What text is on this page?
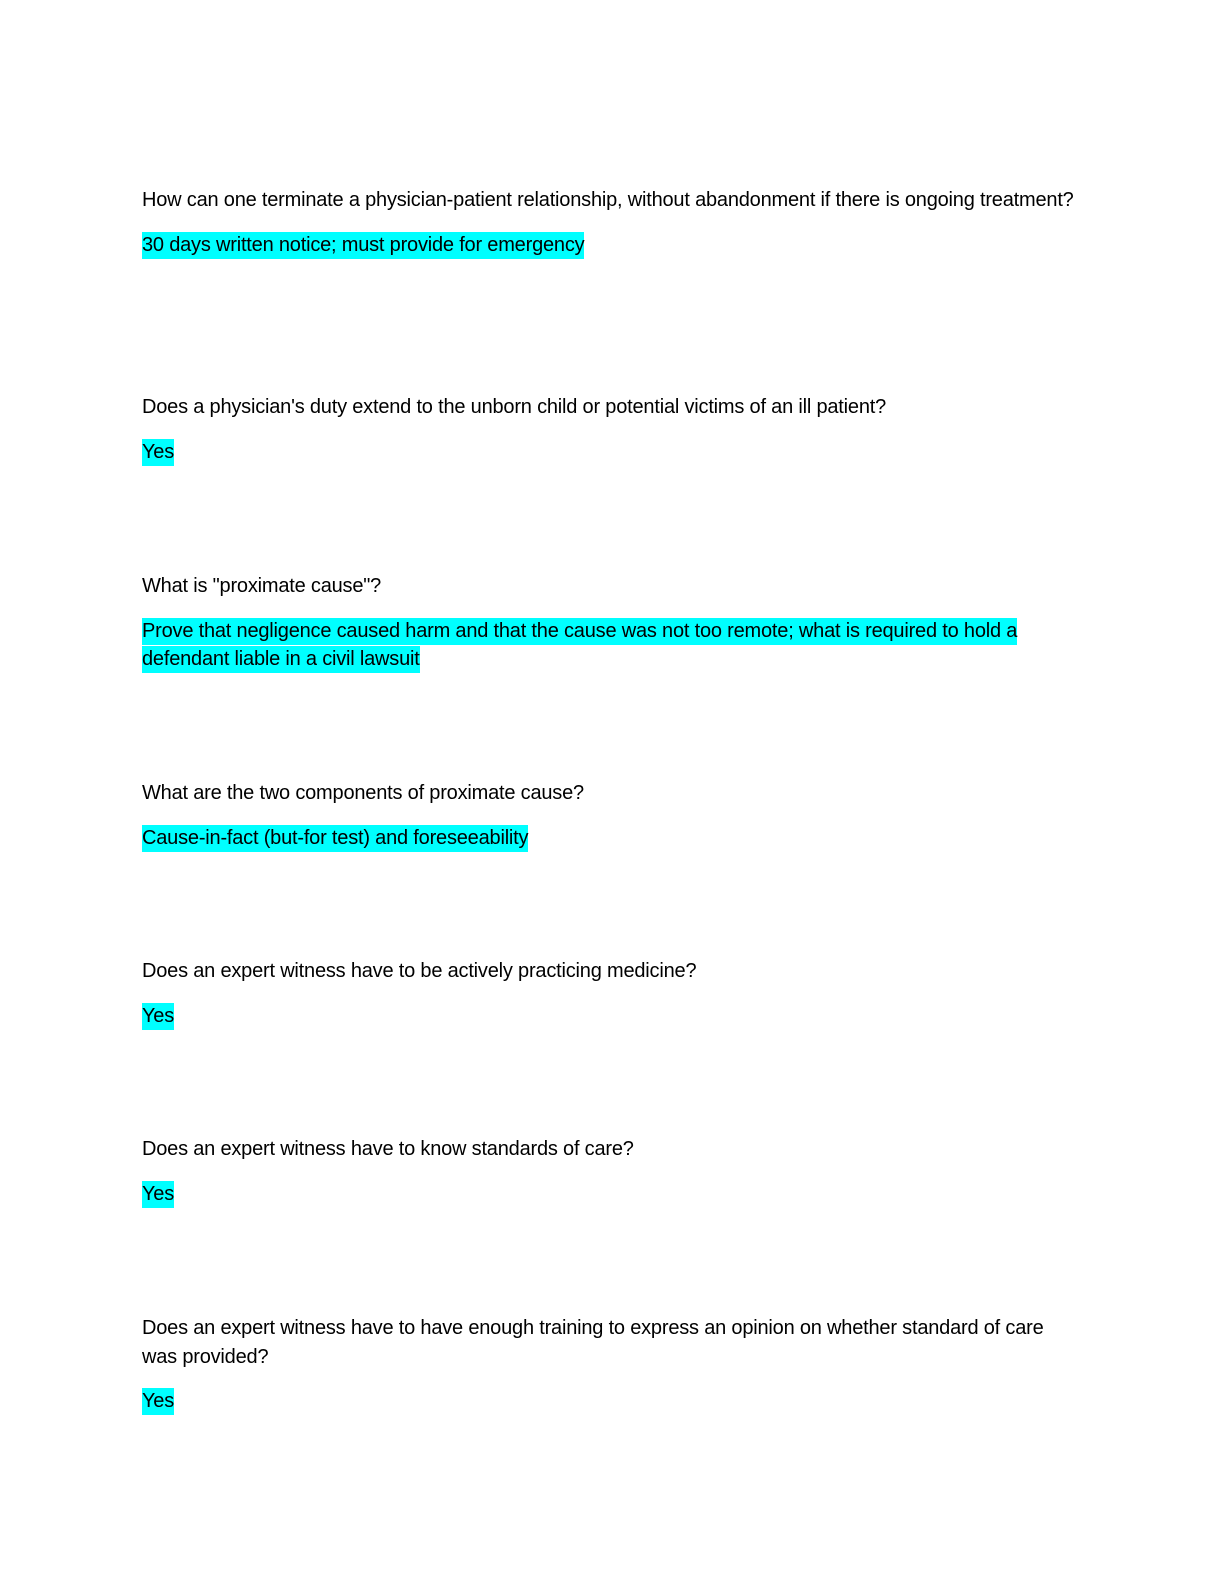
How can one terminate a physician-patient relationship, without abandonment if there is ongoing treatment?

30 days written notice; must provide for emergency

Does a physician's duty extend to the unborn child or potential victims of an ill patient?

Yes

What is "proximate cause"?

Prove that negligence caused harm and that the cause was not too remote; what is required to hold a defendant liable in a civil lawsuit

What are the two components of proximate cause?

Cause-in-fact (but-for test) and foreseeability

Does an expert witness have to be actively practicing medicine?

Yes

Does an expert witness have to know standards of care?

Yes

Does an expert witness have to have enough training to express an opinion on whether standard of care was provided?

Yes
